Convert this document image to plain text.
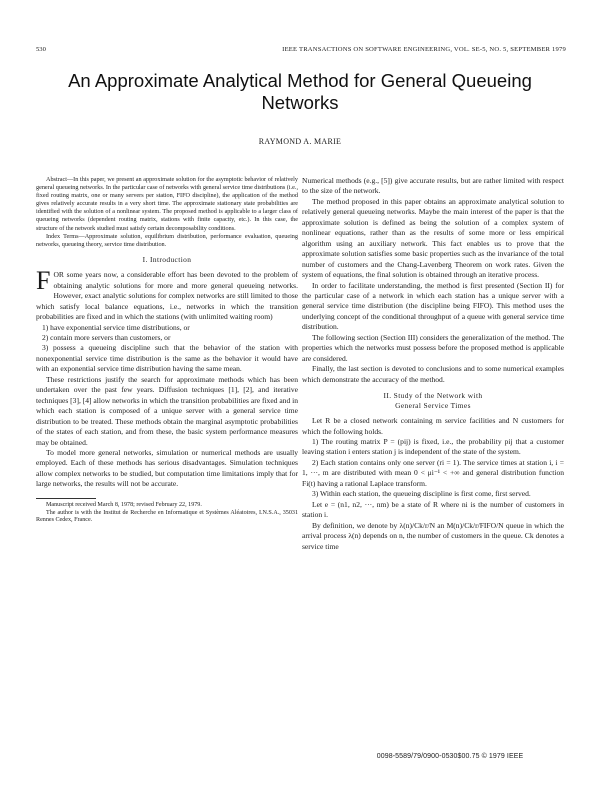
530	IEEE TRANSACTIONS ON SOFTWARE ENGINEERING, VOL. SE-5, NO. 5, SEPTEMBER 1979
An Approximate Analytical Method for General Queueing Networks
RAYMOND A. MARIE

Abstract—In this paper, we present an approximate solution for the asymptotic behavior of relatively general queueing networks. In the particular case of networks with general service time distributions (i.e., fixed routing matrix, one or many servers per station, FIFO discipline), the application of the method gives relatively accurate results in a very short time. The approximate stationary state probabilities are identified with the solution of a nonlinear system. The proposed method is applicable to a larger class of queueing networks (dependent routing matrix, stations with finite capacity, etc.). In this case, the structure of the network studied must satisfy certain decomposability conditions.

Index Terms—Approximate solution, equilibrium distribution, performance evaluation, queueing networks, queueing theory, service time distribution.

I. Introduction

FOR some years now, a considerable effort has been devoted to the problem of obtaining analytic solutions for more and more general queueing networks. However, exact analytic solutions for complex networks are still limited to those which satisfy local balance equations, i.e., networks in which the transition probabilities are fixed and in which the stations (with unlimited waiting room)

1) have exponential service time distributions, or

2) contain more servers than customers, or

3) possess a queueing discipline such that the behavior of the station with nonexponential service time distribution is the same as the behavior it would have with an exponential service time distribution having the same mean.

These restrictions justify the search for approximate methods which has been undertaken over the past few years. Diffusion techniques [1], [2], and iterative techniques [3], [4] allow networks in which the transition probabilities are fixed and in which each station is composed of a unique server with a general service time distribution to be treated. These methods obtain the marginal asymptotic probabilities of the states of each station, and from these, the basic system performance measures may be obtained.

To model more general networks, simulation or numerical methods are usually employed. Each of these methods has serious disadvantages. Simulation techniques allow complex networks to be studied, but computation time limitations imply that for large networks, the results will not be accurate.

Manuscript received March 8, 1978; revised February 22, 1979.

The author is with the Institut de Recherche en Informatique et Systèmes Aléatoires, I.N.S.A., 35031 Rennes Cedex, France.

Numerical methods (e.g., [5]) give accurate results, but are rather limited with respect to the size of the network.

The method proposed in this paper obtains an approximate analytical solution to relatively general queueing networks. Maybe the main interest of the paper is that the approximate solution is defined as being the solution of a complex system of nonlinear equations, rather than as the results of some more or less empirical algorithm using an auxiliary network. This fact enables us to prove that the approximate solution satisfies some basic properties such as the invariance of the total number of customers and the Chang-Lavenberg Theorem on work rates. Given the system of equations, the final solution is obtained through an iterative process.

In order to facilitate understanding, the method is first presented (Section II) for the particular case of a network in which each station has a unique server with a general service time distribution (the discipline being FIFO). This method uses the underlying concept of the conditional throughput of a queue with general service time distribution.

The following section (Section III) considers the generalization of the method. The properties which the networks must possess before the proposed method is applicable are considered.

Finally, the last section is devoted to conclusions and to some numerical examples which demonstrate the accuracy of the method.

II. Study of the Network with
General Service Times

Let R be a closed network containing m service facilities and N customers for which the following holds.

1) The routing matrix P = (pij) is fixed, i.e., the probability pij that a customer leaving station i enters station j is independent of the state of the system.

2) Each station contains only one server (ri = 1). The service times at station i, i = 1, ···, m are distributed with mean 0 < μi⁻¹ < +∞ and general distribution function Fi(t) having a rational Laplace transform.

3) Within each station, the queueing discipline is first come, first served.

Let e = (n1, n2, ···, nm) be a state of R where ni is the number of customers in station i.

By definition, we denote by λ(n)/Ck/r/N an M(n)/Ck/r/FIFO/N queue in which the arrival process λ(n) depends on n, the number of customers in the queue. Ck denotes a service time

0098-5589/79/0900-0530$00.75 © 1979 IEEE
